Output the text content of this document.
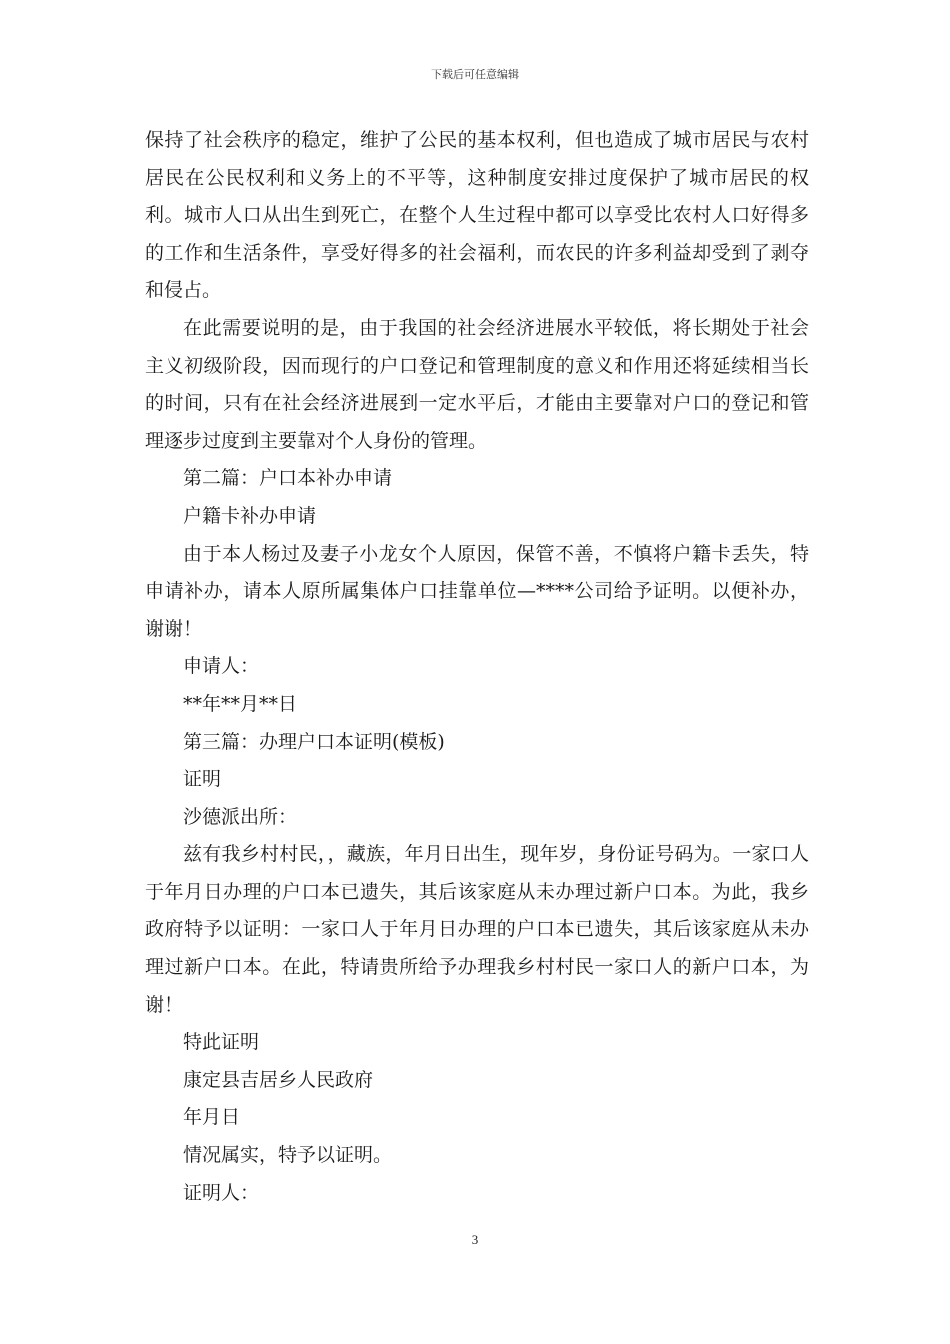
下载后可任意编辑

保持了社会秩序的稳定，维护了公民的基本权利，但也造成了城市居民与农村居民在公民权利和义务上的不平等，这种制度安排过度保护了城市居民的权利。城市人口从出生到死亡，在整个人生过程中都可以享受比农村人口好得多的工作和生活条件，享受好得多的社会福利，而农民的许多利益却受到了剥夺和侵占。

在此需要说明的是，由于我国的社会经济进展水平较低，将长期处于社会主义初级阶段，因而现行的户口登记和管理制度的意义和作用还将延续相当长的时间，只有在社会经济进展到一定水平后，才能由主要靠对户口的登记和管理逐步过度到主要靠对个人身份的管理。

第二篇：户口本补办申请

户籍卡补办申请

由于本人杨过及妻子小龙女个人原因，保管不善，不慎将户籍卡丢失，特申请补办，请本人原所属集体户口挂靠单位—****公司给予证明。以便补办，谢谢！

申请人：

**年**月**日

第三篇：办理户口本证明(模板)

证明

沙德派出所：

兹有我乡村村民，，藏族，年月日出生，现年岁，身份证号码为。一家口人于年月日办理的户口本已遗失，其后该家庭从未办理过新户口本。为此，我乡政府特予以证明：一家口人于年月日办理的户口本已遗失，其后该家庭从未办理过新户口本。在此，特请贵所给予办理我乡村村民一家口人的新户口本，为谢！

特此证明

康定县吉居乡人民政府

年月日

情况属实，特予以证明。

证明人：

3
